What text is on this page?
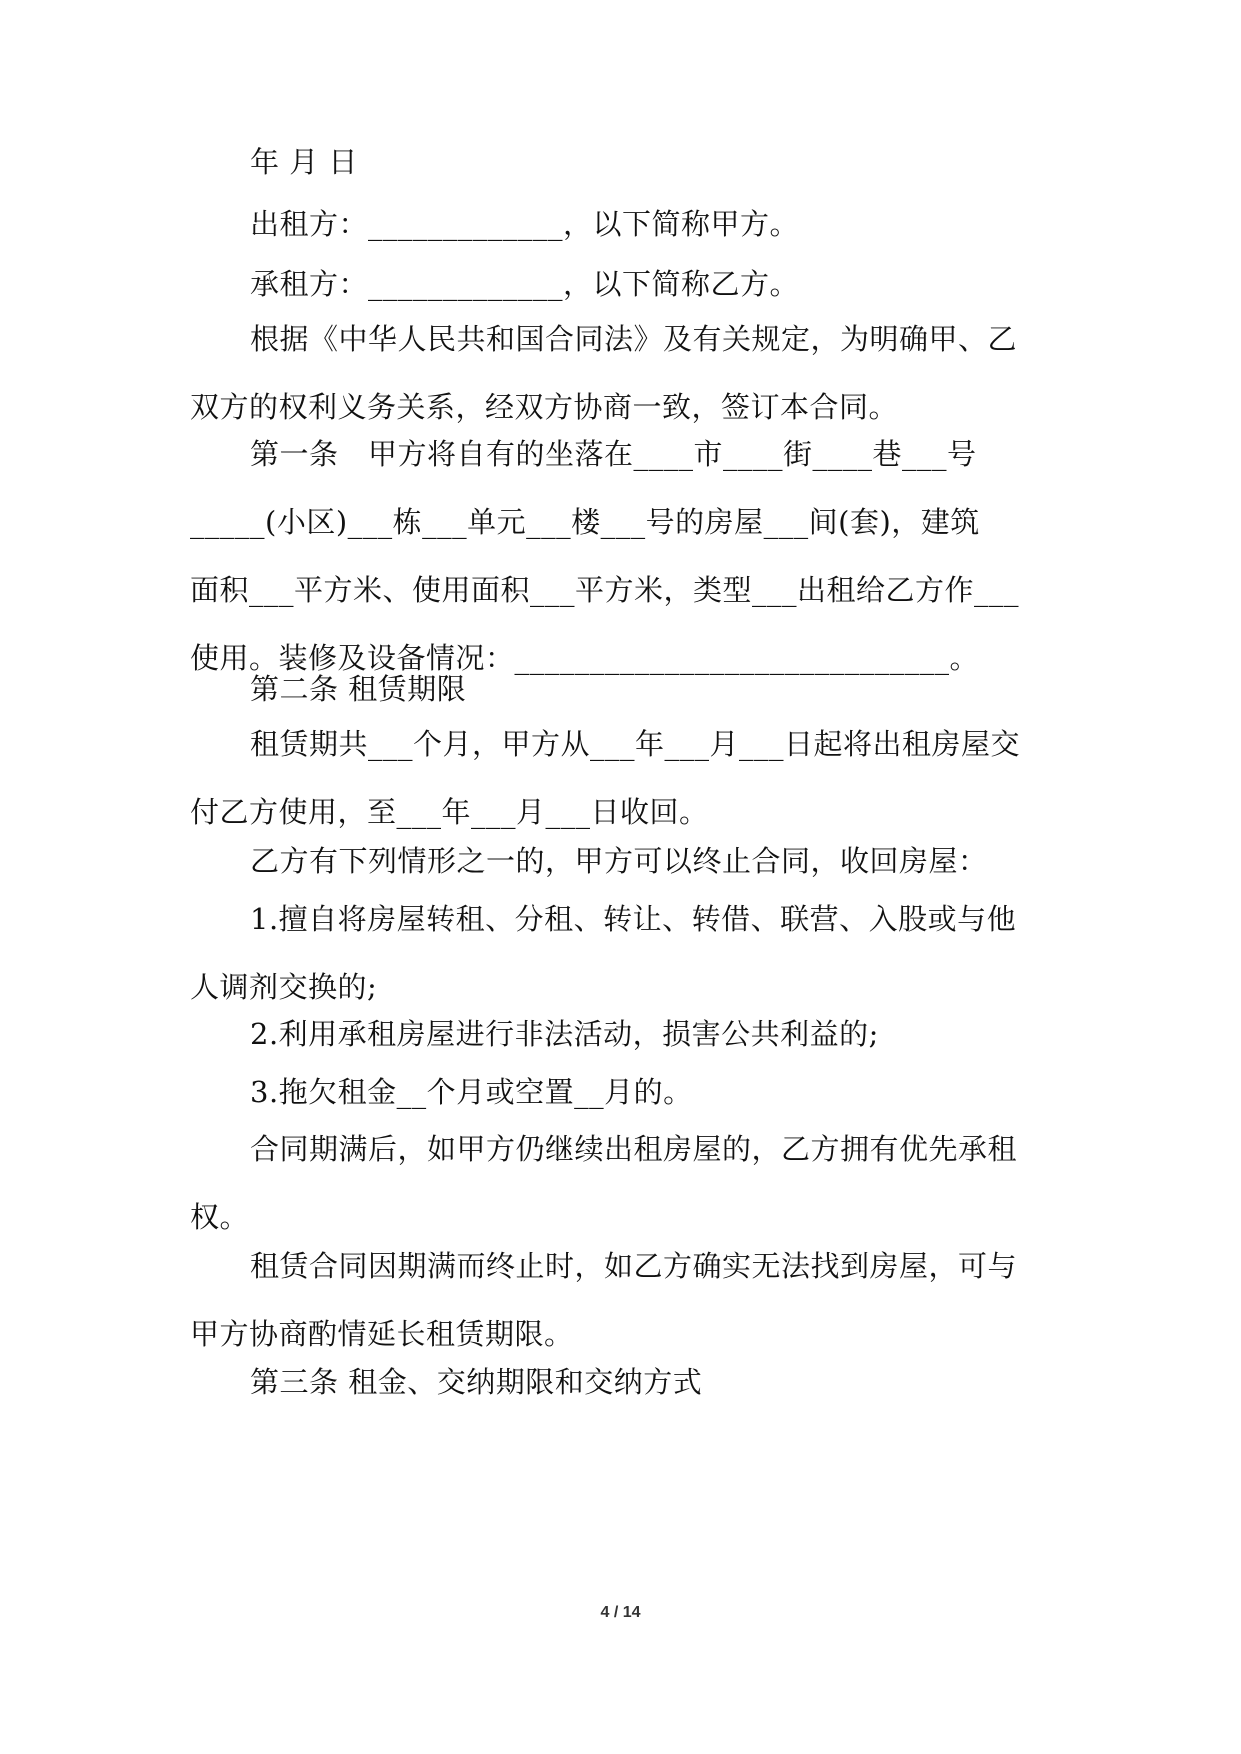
年 月 日

出租方：_____________，以下简称甲方。

承租方：_____________，以下简称乙方。

根据《中华人民共和国合同法》及有关规定，为明确甲、乙
双方的权利义务关系，经双方协商一致，签订本合同。

第一条　甲方将自有的坐落在____市____街____巷___号
_____(小区)___栋___单元___楼___号的房屋___间(套)，建筑
面积___平方米、使用面积___平方米，类型___出租给乙方作___
使用。装修及设备情况：_____________________________。

第二条 租赁期限

租赁期共___个月，甲方从___年___月___日起将出租房屋交
付乙方使用，至___年___月___日收回。

乙方有下列情形之一的，甲方可以终止合同，收回房屋：

1.擅自将房屋转租、分租、转让、转借、联营、入股或与他
人调剂交换的;

2.利用承租房屋进行非法活动，损害公共利益的;

3.拖欠租金__个月或空置__月的。

合同期满后，如甲方仍继续出租房屋的，乙方拥有优先承租
权。

租赁合同因期满而终止时，如乙方确实无法找到房屋，可与
甲方协商酌情延长租赁期限。

第三条 租金、交纳期限和交纳方式

4 / 14
